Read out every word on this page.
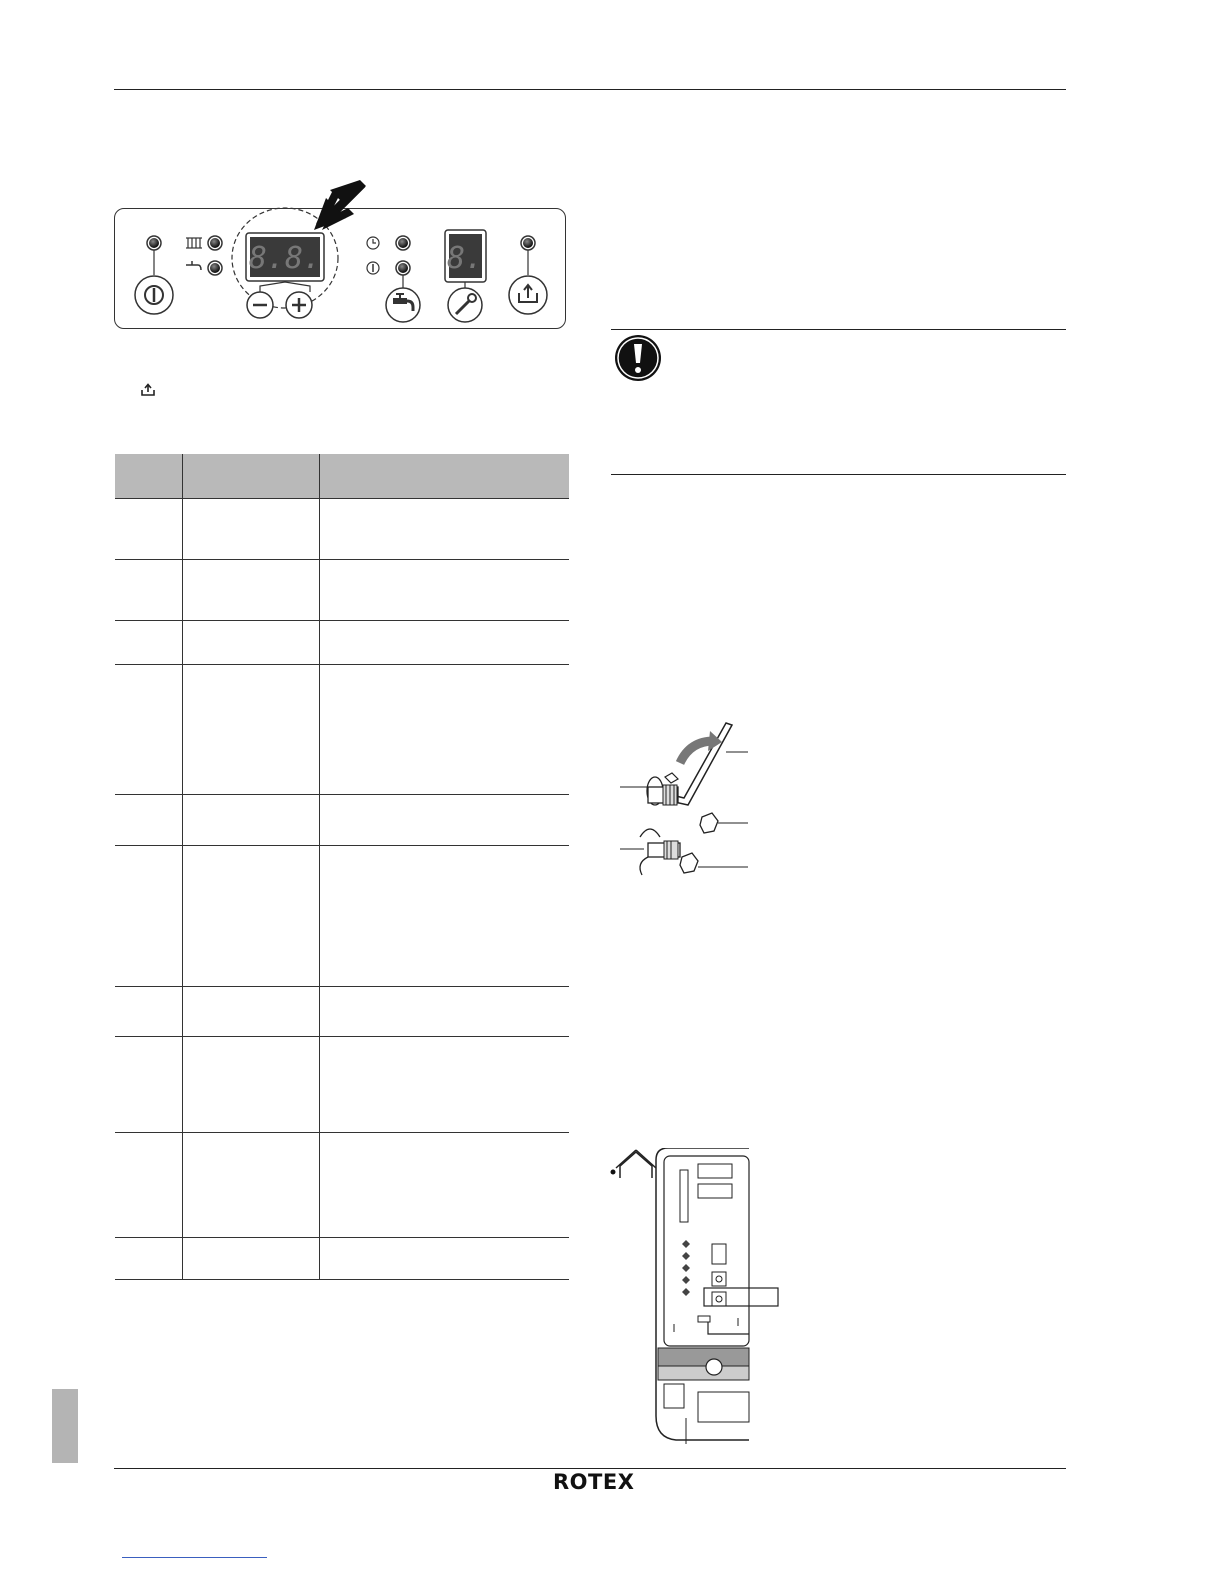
8.8.	8.

ROTEX
